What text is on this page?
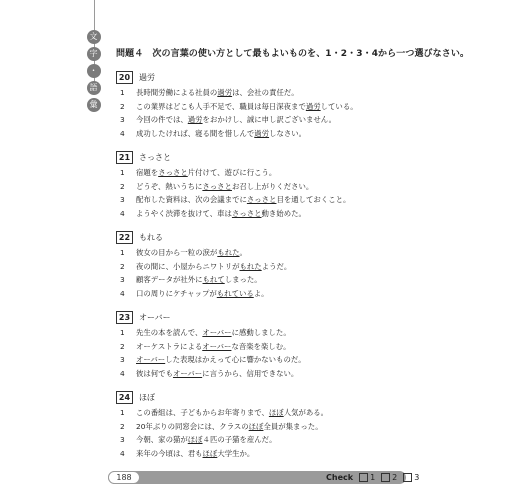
文
字
・
語
彙
問題４　次の言葉の使い方として最もよいものを、1・2・3・4から一つ選びなさい。
20	過労
1	長時間労働による社員の 過労 は、会社の責任だ。
2	この業界はどこも人手不足で、職員は毎日深夜まで 過労 している。
3	今回の件では、 過労 をおかけし、誠に申し訳ございません。
4	成功したければ、寝る間を惜しんで 過労 しなさい。
21	さっさと
1	宿題を さっさと 片付けて、遊びに行こう。
2	どうぞ、熱いうちに さっさと お召し上がりください。
3	配布した資料は、次の会議までに さっさと 目を通しておくこと。
4	ようやく渋滞を抜けて、車は さっさと 動き始めた。
22	もれる
1	彼女の目から一粒の涙が もれた 。
2	夜の間に、小屋からニワトリが もれた ようだ。
3	顧客データが社外に もれて しまった。
4	口の周りにケチャップが もれている よ。
23	オーバー
1	先生の本を読んで、 オーバー に感動しました。
2	オーケストラによる オーバー な音楽を楽しむ。
3	オーバー した表現はかえって心に響かないものだ。
4	彼は何でも オーバー に言うから、信用できない。
24	ほぼ
1	この番組は、子どもからお年寄りまで、 ほぼ 人気がある。
2	20年ぶりの同窓会には、クラスの ほぼ 全員が集まった。
3	今朝、家の猫が ほぼ ４匹の子猫を産んだ。
4	来年の今頃は、君も ほぼ 大学生か。
188	Check 1 2 3
